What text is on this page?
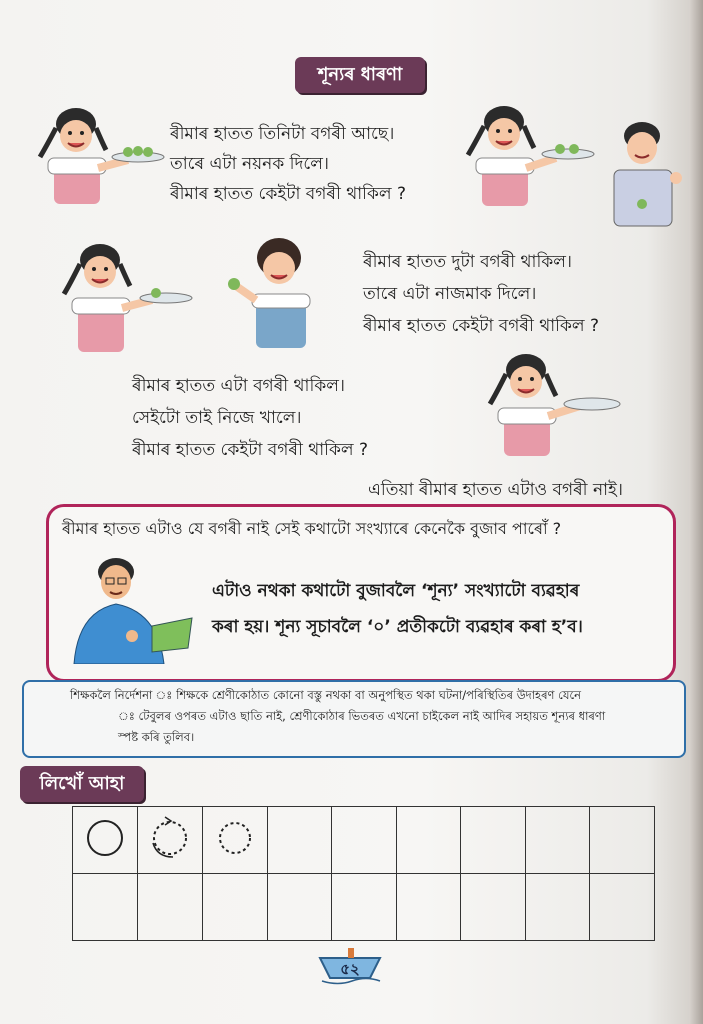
শূন্যৰ ধাৰণা
ৰীমাৰ হাতত তিনিটা বগৰী আছে।
তাৰে এটা নয়নক দিলে।
ৰীমাৰ হাতত কেইটা বগৰী থাকিল ?
ৰীমাৰ হাতত দুটা বগৰী থাকিল।
তাৰে এটা নাজমাক দিলে।
ৰীমাৰ হাতত কেইটা বগৰী থাকিল ?
ৰীমাৰ হাতত এটা বগৰী থাকিল।
সেইটো তাই নিজে খালে।
ৰীমাৰ হাতত কেইটা বগৰী থাকিল ?
এতিয়া ৰীমাৰ হাতত এটাও বগৰী নাই।
ৰীমাৰ হাতত এটাও যে বগৰী নাই সেই কথাটো সংখ্যাৰে কেনেকৈ বুজাব পাৰোঁ ?
এটাও নথকা কথাটো বুজাবলৈ ‘শূন্য’ সংখ্যাটো ব্যৱহাৰ
কৰা হয়। শূন্য সূচাবলৈ ‘০’ প্ৰতীকটো ব্যৱহাৰ কৰা হ’ব।
শিক্ষকলৈ নিৰ্দেশনা ঃ শিক্ষকে শ্ৰেণীকোঠাত কোনো বস্তু নথকা বা অনুপস্থিত থকা ঘটনা/পৰিস্থিতিৰ উদাহৰণ যেনে
ঃ টেবুলৰ ওপৰত এটাও ছাতি নাই, শ্ৰেণীকোঠাৰ ভিতৰত এখনো চাইকেল নাই আদিৰ সহায়ত শূন্যৰ ধাৰণা
স্পষ্ট কৰি তুলিব।
লিখোঁ আহা

৫২
